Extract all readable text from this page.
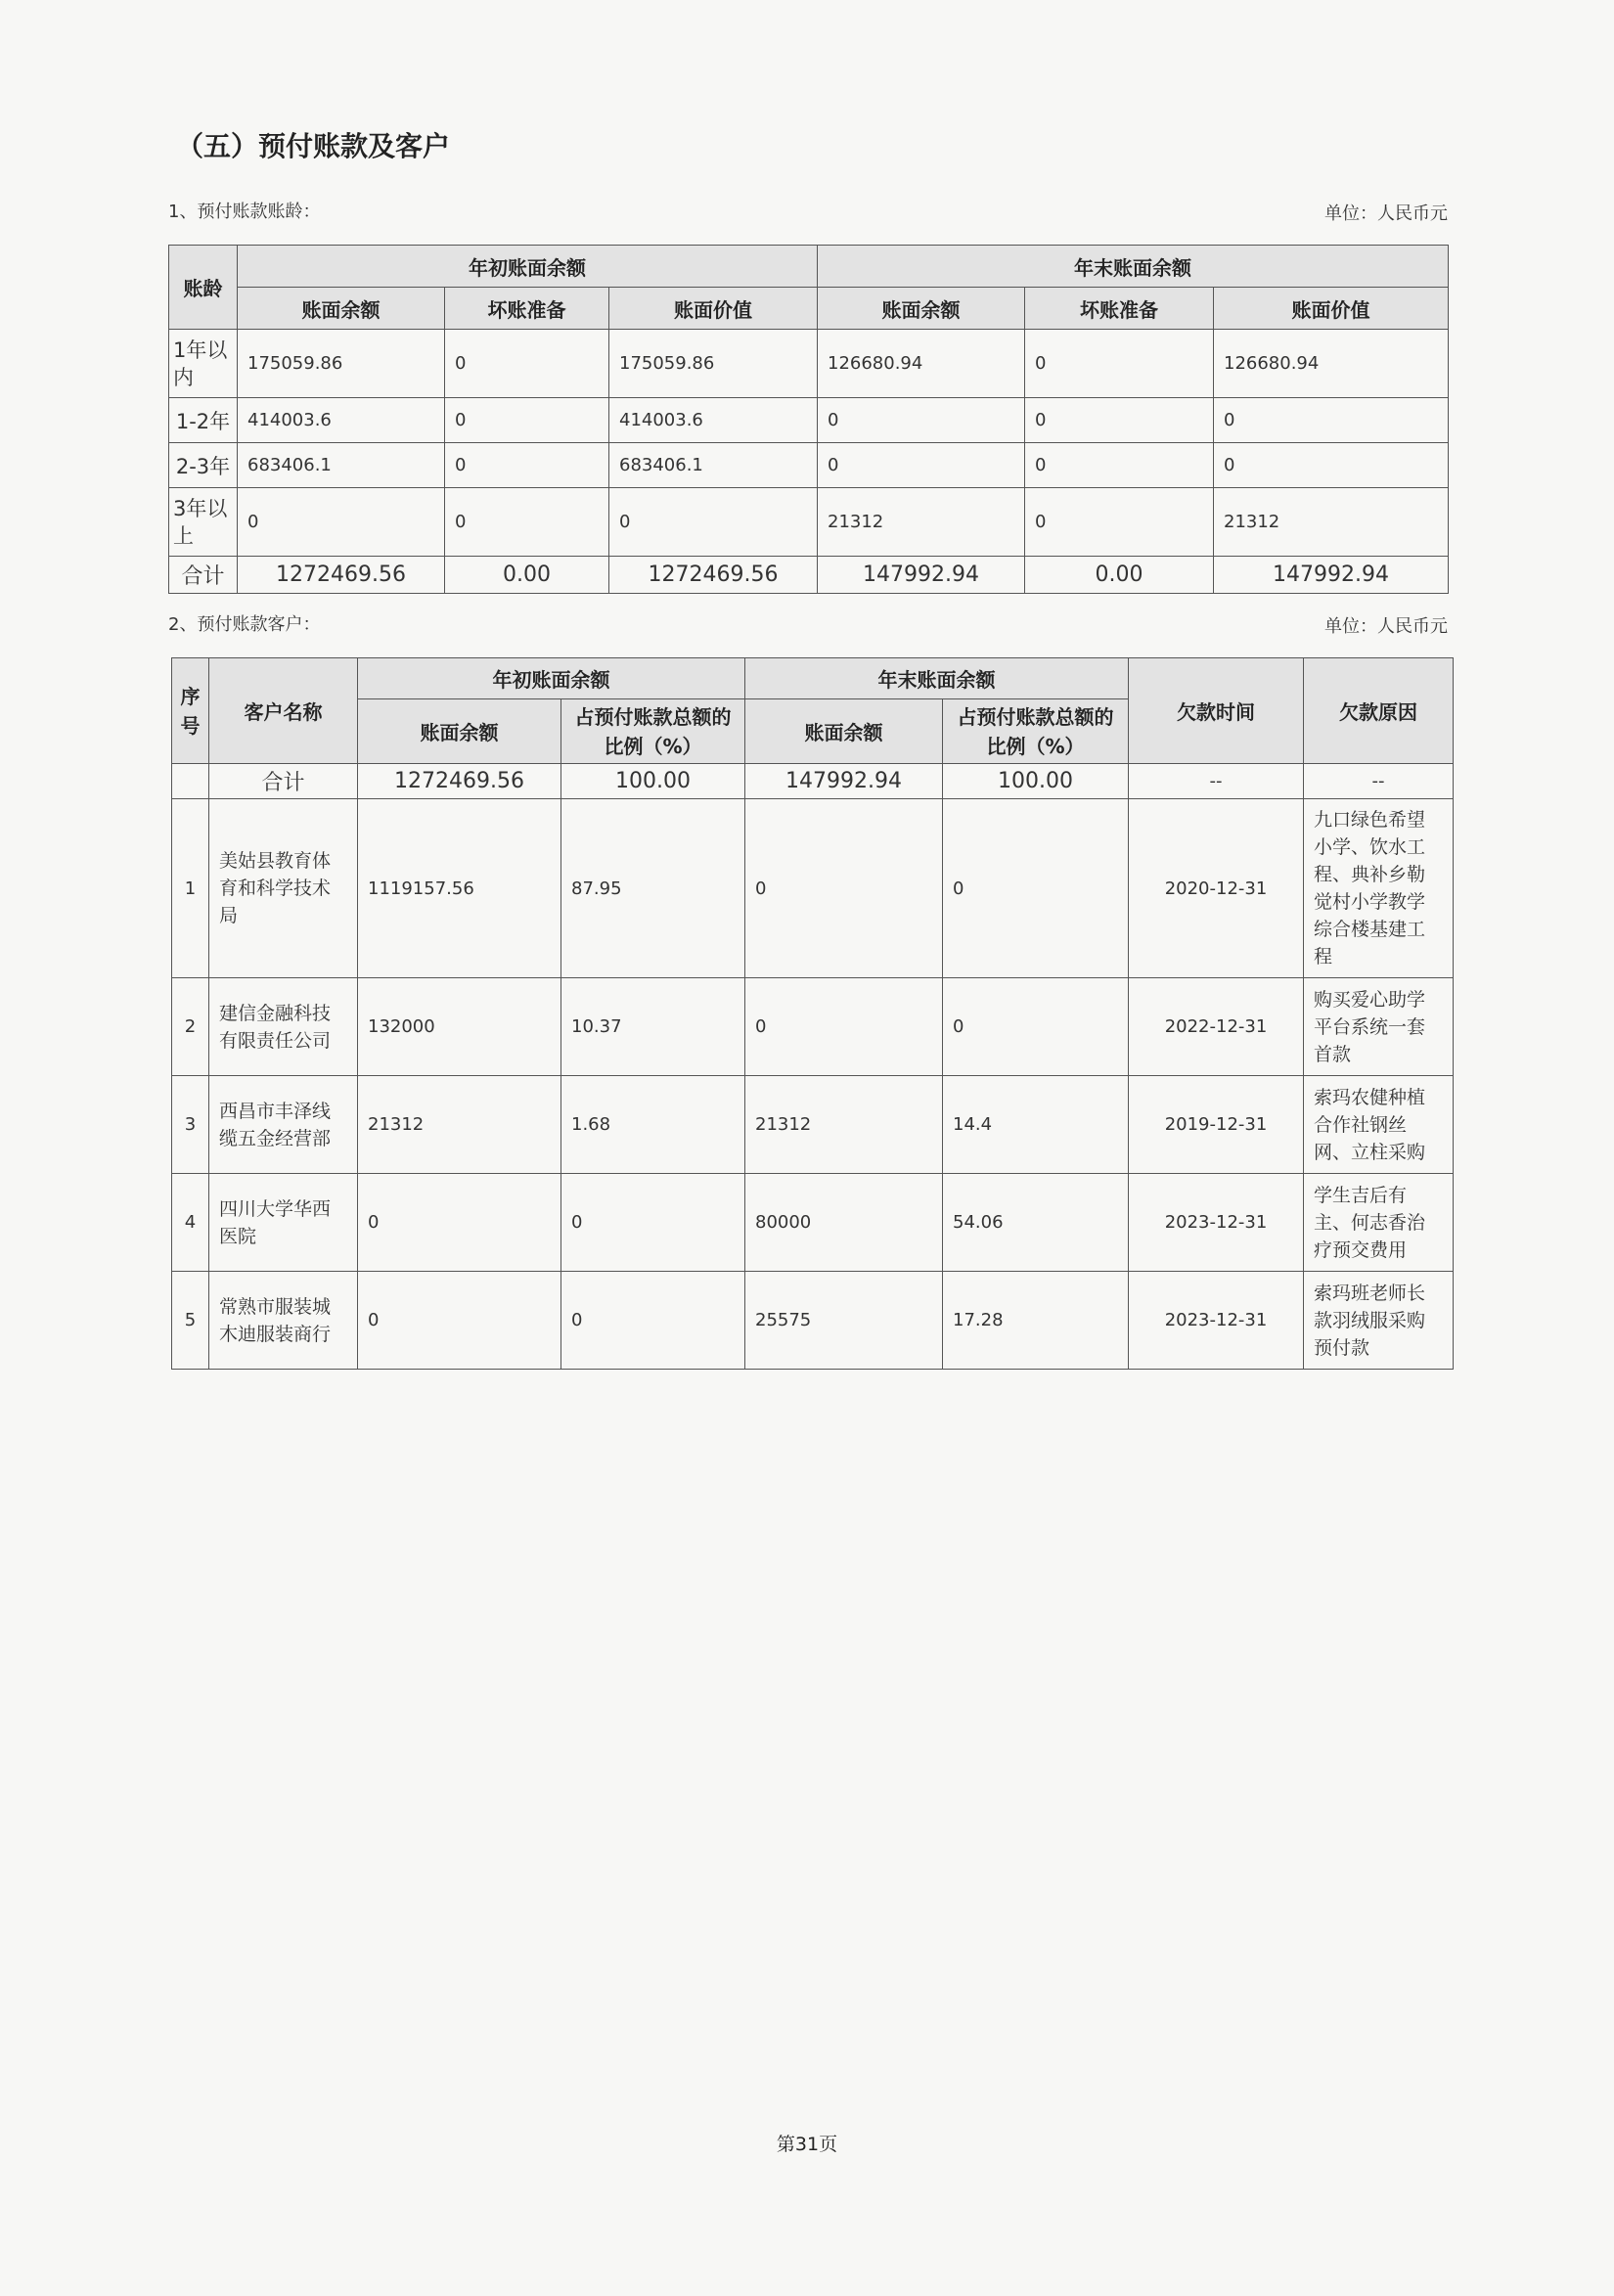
（五）预付账款及客户
1、预付账款账龄：	单位：人民币元
账龄	年初账面余额			年末账面余额		
	账面余额	坏账准备	账面价值	账面余额	坏账准备	账面价值
1年以内	175059.86	0	175059.86	126680.94	0	126680.94
1-2年	414003.6	0	414003.6	0	0	0
2-3年	683406.1	0	683406.1	0	0	0
3年以上	0	0	0	21312	0	21312
合计	1272469.56	0.00	1272469.56	147992.94	0.00	147992.94
2、预付账款客户：	单位：人民币元
序号	客户名称	年初账面余额		年末账面余额		欠款时间	欠款原因
		账面余额	占预付账款总额的比例（%）	账面余额	占预付账款总额的比例（%）		
	合计	1272469.56	100.00	147992.94	100.00	--	--
1	美姑县教育体育和科学技术局	1119157.56	87.95	0	0	2020-12-31	九口绿色希望小学、饮水工程、典补乡勒觉村小学教学综合楼基建工程
2	建信金融科技有限责任公司	132000	10.37	0	0	2022-12-31	购买爱心助学平台系统一套首款
3	西昌市丰泽线缆五金经营部	21312	1.68	21312	14.4	2019-12-31	索玛农健种植合作社钢丝网、立柱采购
4	四川大学华西医院	0	0	80000	54.06	2023-12-31	学生吉后有主、何志香治疗预交费用
5	常熟市服装城木迪服装商行	0	0	25575	17.28	2023-12-31	索玛班老师长款羽绒服采购预付款
第31页
